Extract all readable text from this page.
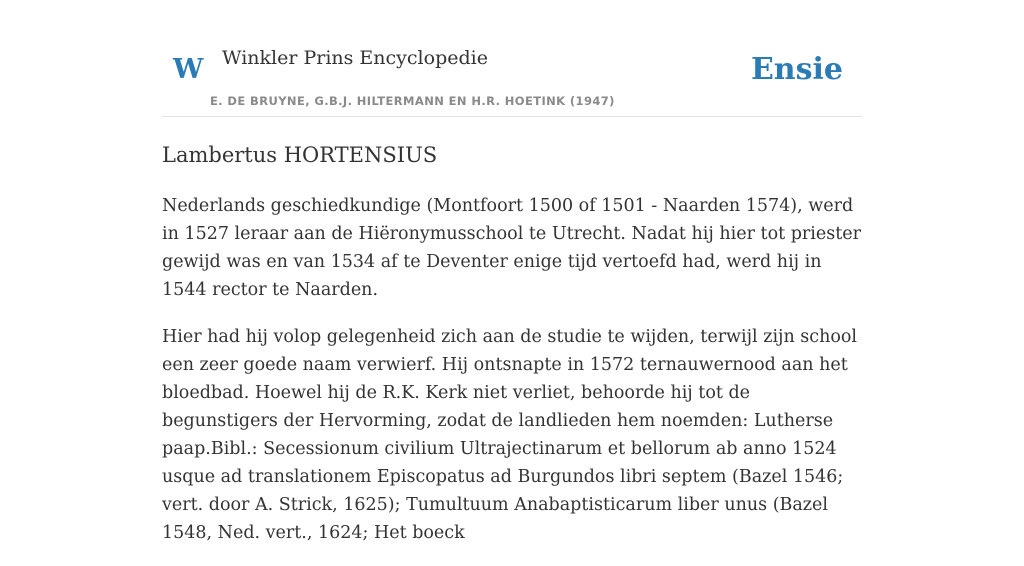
W Winkler Prins Encyclopedie
E. DE BRUYNE, G.B.J. HILTERMANN EN H.R. HOETINK (1947)
Ensie
Lambertus HORTENSIUS

Nederlands geschiedkundige (Montfoort 1500 of 1501 - Naarden 1574), werd in 1527 leraar aan de Hiëronymusschool te Utrecht. Nadat hij hier tot priester gewijd was en van 1534 af te Deventer enige tijd vertoefd had, werd hij in 1544 rector te Naarden.

Hier had hij volop gelegenheid zich aan de studie te wijden, terwijl zijn school een zeer goede naam verwierf. Hij ontsnapte in 1572 ternauwernood aan het bloedbad. Hoewel hij de R.K. Kerk niet verliet, behoorde hij tot de begunstigers der Hervorming, zodat de landlieden hem noemden: Lutherse paap.Bibl.: Secessionum civilium Ultrajectinarum et bellorum ab anno 1524 usque ad translationem Episcopatus ad Burgundos libri septem (Bazel 1546; vert. door A. Strick, 1625); Tumultuum Anabaptisticarum liber unus (Bazel 1548, Ned. vert., 1624; Het boeck
